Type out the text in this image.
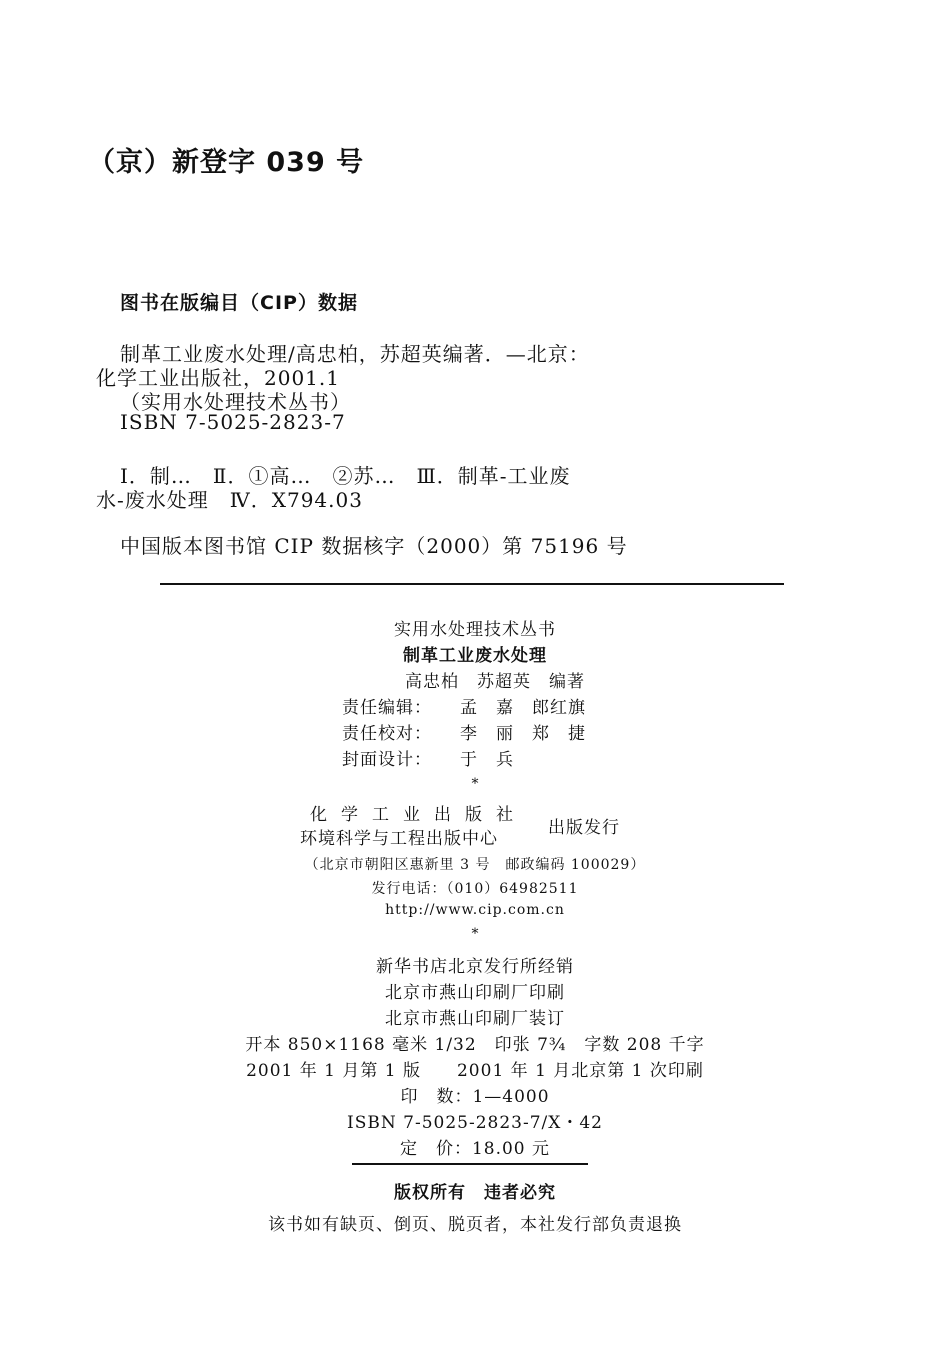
（京）新登字 039 号
图书在版编目（CIP）数据
制革工业废水处理/高忠柏，苏超英编著．—北京：
化学工业出版社，2001.1
（实用水处理技术丛书）
ISBN 7-5025-2823-7
Ⅰ．制…　Ⅱ．①高…　②苏…　Ⅲ．制革-工业废
水-废水处理　Ⅳ．X794.03
中国版本图书馆 CIP 数据核字（2000）第 75196 号
实用水处理技术丛书
制革工业废水处理
高忠柏　苏超英　编著
责任编辑： 孟　嘉　郎红旗
责任校对： 李　丽　郑　捷
封面设计： 于　兵
*
化学工业出版社
环境科学与工程出版中心
出版发行
（北京市朝阳区惠新里 3 号　邮政编码 100029）
发行电话：（010）64982511
http://www.cip.com.cn
*
新华书店北京发行所经销
北京市燕山印刷厂印刷
北京市燕山印刷厂装订
开本 850×1168 毫米 1/32　印张 7¾　字数 208 千字
2001 年 1 月第 1 版　　2001 年 1 月北京第 1 次印刷
印　数：1—4000
ISBN 7-5025-2823-7/X・42
定　价：18.00 元
版权所有　违者必究
该书如有缺页、倒页、脱页者，本社发行部负责退换
